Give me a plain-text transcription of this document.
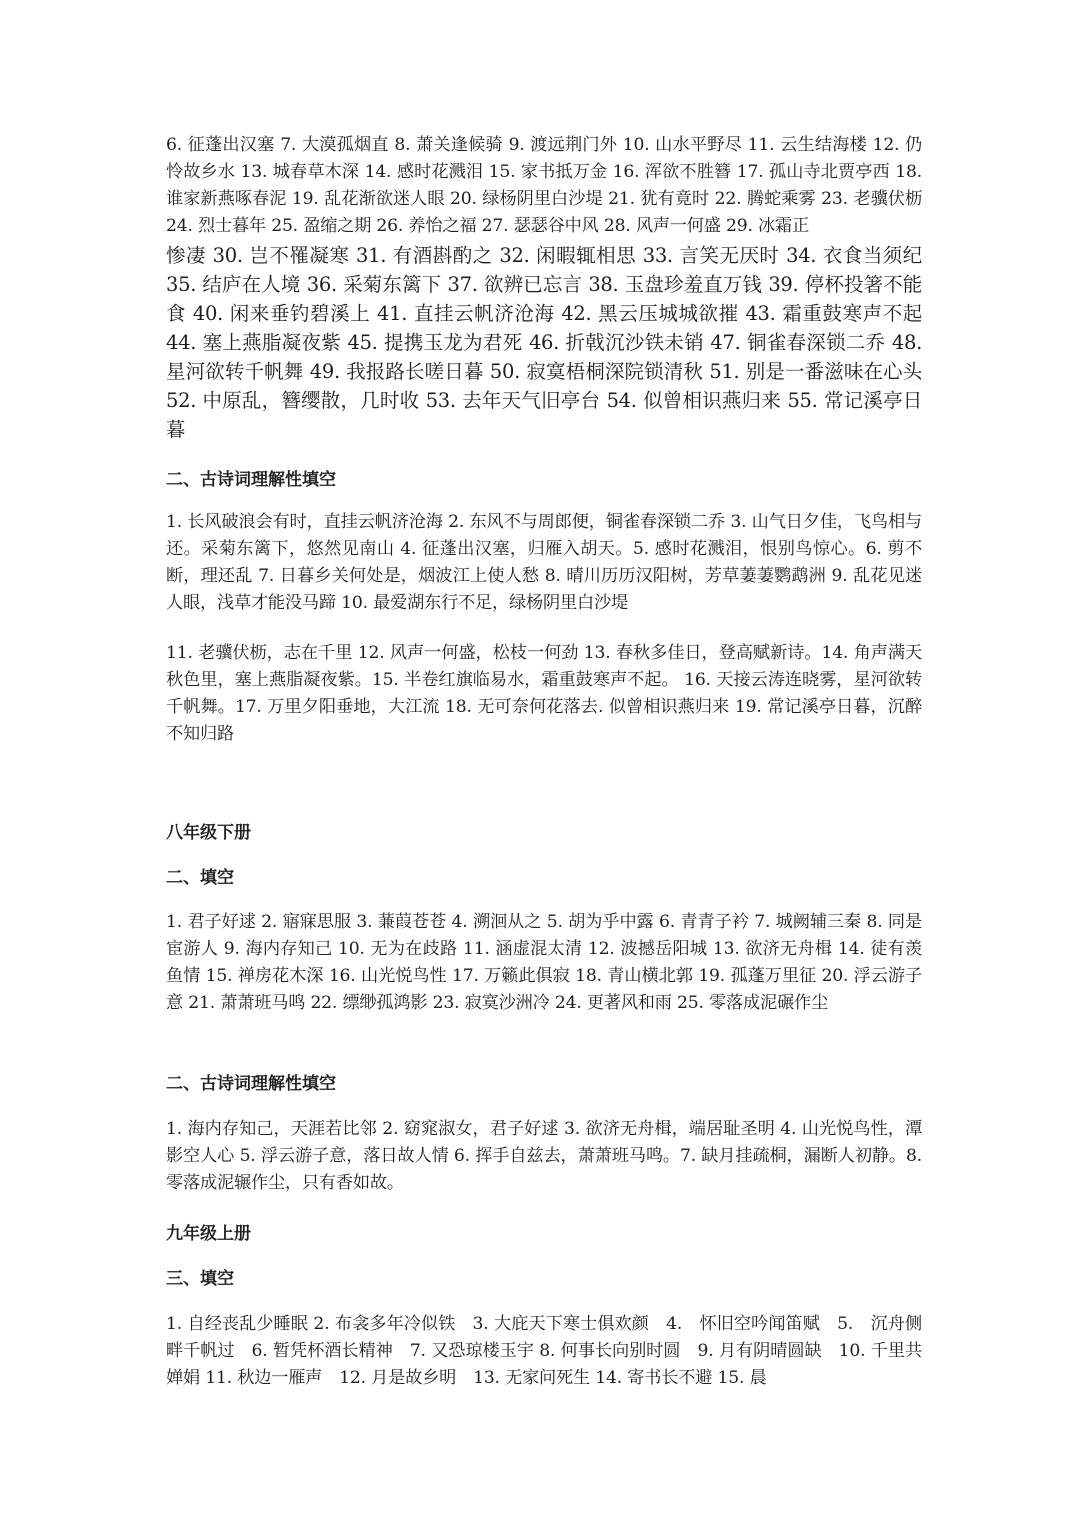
6. 征蓬出汉塞 7. 大漠孤烟直 8. 萧关逢候骑 9. 渡远荆门外 10. 山水平野尽 11. 云生结海楼 12. 仍怜故乡水 13. 城春草木深 14. 感时花溅泪 15. 家书抵万金 16. 浑欲不胜簪 17. 孤山寺北贾亭西 18. 谁家新燕啄春泥 19. 乱花渐欲迷人眼 20. 绿杨阴里白沙堤 21. 犹有竟时 22. 腾蛇乘雾 23. 老骥伏枥 24. 烈士暮年 25. 盈缩之期 26. 养怡之福 27. 瑟瑟谷中风 28. 风声一何盛 29. 冰霜正

惨凄 30. 岂不罹凝寒 31. 有酒斟酌之 32. 闲暇辄相思 33. 言笑无厌时 34. 衣食当须纪 35. 结庐在人境 36. 采菊东篱下 37. 欲辨已忘言 38. 玉盘珍羞直万钱 39. 停杯投箸不能食 40. 闲来垂钓碧溪上 41. 直挂云帆济沧海 42. 黑云压城城欲摧 43. 霜重鼓寒声不起 44. 塞上燕脂凝夜紫 45. 提携玉龙为君死 46. 折戟沉沙铁未销 47. 铜雀春深锁二乔 48. 星河欲转千帆舞 49. 我报路长嗟日暮 50. 寂寞梧桐深院锁清秋 51. 别是一番滋味在心头 52. 中原乱，簪缨散，几时收 53. 去年天气旧亭台 54. 似曾相识燕归来 55. 常记溪亭日暮

二、古诗词理解性填空

1. 长风破浪会有时，直挂云帆济沧海 2. 东风不与周郎便，铜雀春深锁二乔 3. 山气日夕佳，飞鸟相与还。采菊东篱下，悠然见南山 4. 征蓬出汉塞，归雁入胡天。5. 感时花溅泪，恨别鸟惊心。6. 剪不断，理还乱 7. 日暮乡关何处是，烟波江上使人愁 8. 晴川历历汉阳树，芳草萋萋鹦鹉洲 9. 乱花见迷人眼，浅草才能没马蹄 10. 最爱湖东行不足，绿杨阴里白沙堤

11. 老骥伏枥，志在千里 12. 风声一何盛，松枝一何劲 13. 春秋多佳日，登高赋新诗。14. 角声满天秋色里，塞上燕脂凝夜紫。15. 半卷红旗临易水，霜重鼓寒声不起。 16. 天接云涛连晓雾，星河欲转千帆舞。17. 万里夕阳垂地，大江流 18. 无可奈何花落去. 似曾相识燕归来 19. 常记溪亭日暮，沉醉不知归路

八年级下册
二、填空

1. 君子好逑 2. 寤寐思服 3. 蒹葭苍苍 4. 溯洄从之 5. 胡为乎中露 6. 青青子衿 7. 城阙辅三秦 8. 同是宦游人 9. 海内存知己 10. 无为在歧路 11. 涵虚混太清 12. 波撼岳阳城 13. 欲济无舟楫 14. 徒有羡鱼情 15. 禅房花木深 16. 山光悦鸟性 17. 万籁此俱寂 18. 青山横北郭 19. 孤蓬万里征 20. 浮云游子意 21. 萧萧班马鸣 22. 缥缈孤鸿影 23. 寂寞沙洲冷 24. 更著风和雨 25. 零落成泥碾作尘

二、古诗词理解性填空

1. 海内存知己，天涯若比邻 2. 窈窕淑女，君子好逑 3. 欲济无舟楫，端居耻圣明 4. 山光悦鸟性，潭影空人心 5. 浮云游子意，落日故人情 6. 挥手自兹去，萧萧班马鸣。7. 缺月挂疏桐，漏断人初静。8. 零落成泥辗作尘，只有香如故。

九年级上册
三、填空

1. 自经丧乱少睡眠 2. 布衾多年冷似铁　3. 大庇天下寒士俱欢颜　4.　怀旧空吟闻笛赋　5.　沉舟侧畔千帆过　6. 暂凭杯酒长精神　7. 又恐琼楼玉宇 8. 何事长向别时圆　9. 月有阴晴圆缺　10. 千里共婵娟 11. 秋边一雁声　12. 月是故乡明　13. 无家问死生 14. 寄书长不避 15. 晨
